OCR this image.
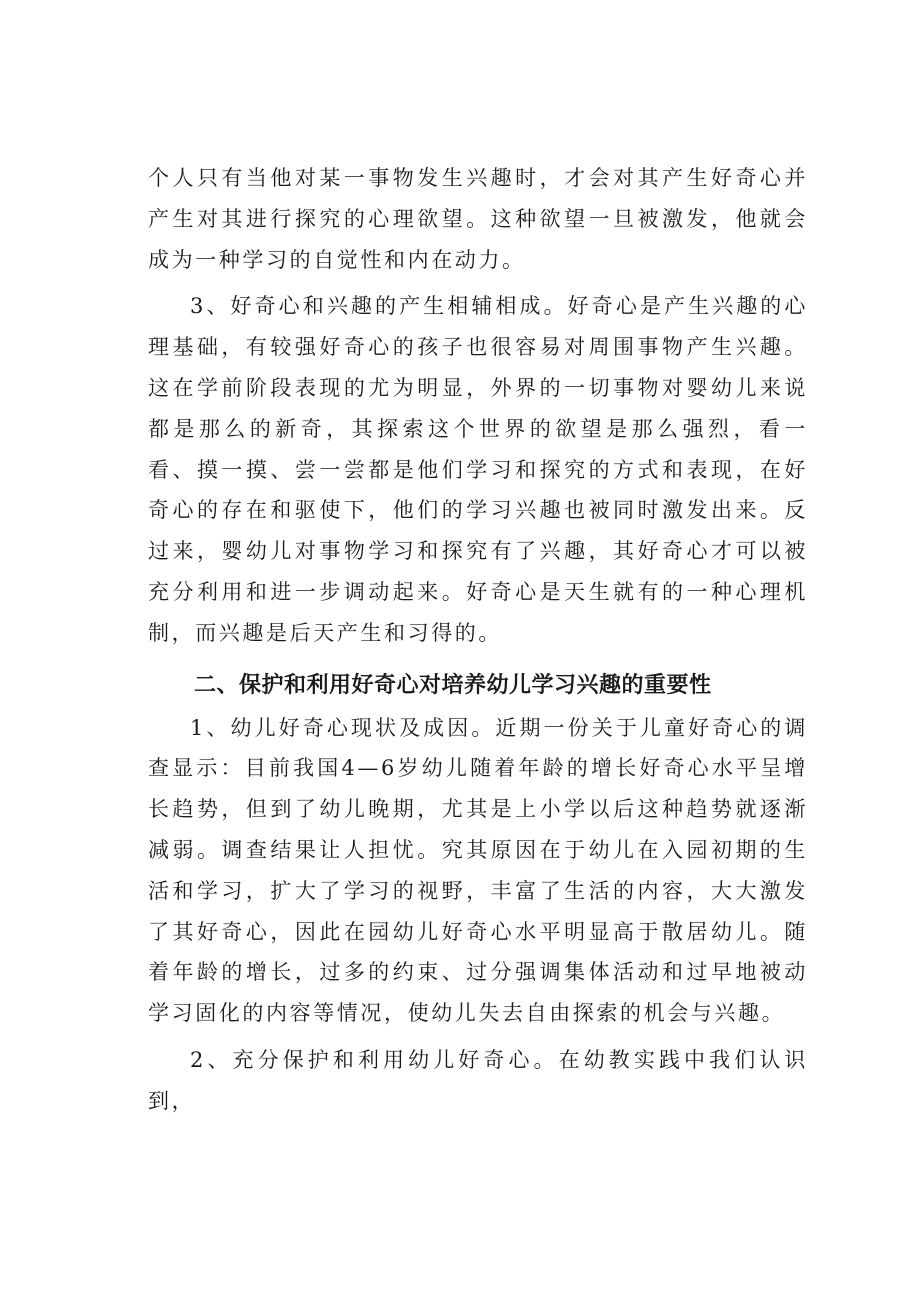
个人只有当他对某一事物发生兴趣时，才会对其产生好奇心并产生对其进行探究的心理欲望。这种欲望一旦被激发，他就会成为一种学习的自觉性和内在动力。

3、好奇心和兴趣的产生相辅相成。好奇心是产生兴趣的心理基础，有较强好奇心的孩子也很容易对周围事物产生兴趣。这在学前阶段表现的尤为明显，外界的一切事物对婴幼儿来说都是那么的新奇，其探索这个世界的欲望是那么强烈，看一看、摸一摸、尝一尝都是他们学习和探究的方式和表现，在好奇心的存在和驱使下，他们的学习兴趣也被同时激发出来。反过来，婴幼儿对事物学习和探究有了兴趣，其好奇心才可以被充分利用和进一步调动起来。好奇心是天生就有的一种心理机制，而兴趣是后天产生和习得的。

二、保护和利用好奇心对培养幼儿学习兴趣的重要性

1、幼儿好奇心现状及成因。近期一份关于儿童好奇心的调查显示：目前我国4—6岁幼儿随着年龄的增长好奇心水平呈增长趋势，但到了幼儿晚期，尤其是上小学以后这种趋势就逐渐减弱。调查结果让人担忧。究其原因在于幼儿在入园初期的生活和学习，扩大了学习的视野，丰富了生活的内容，大大激发了其好奇心，因此在园幼儿好奇心水平明显高于散居幼儿。随着年龄的增长，过多的约束、过分强调集体活动和过早地被动学习固化的内容等情况，使幼儿失去自由探索的机会与兴趣。

2、充分保护和利用幼儿好奇心。在幼教实践中我们认识到，
